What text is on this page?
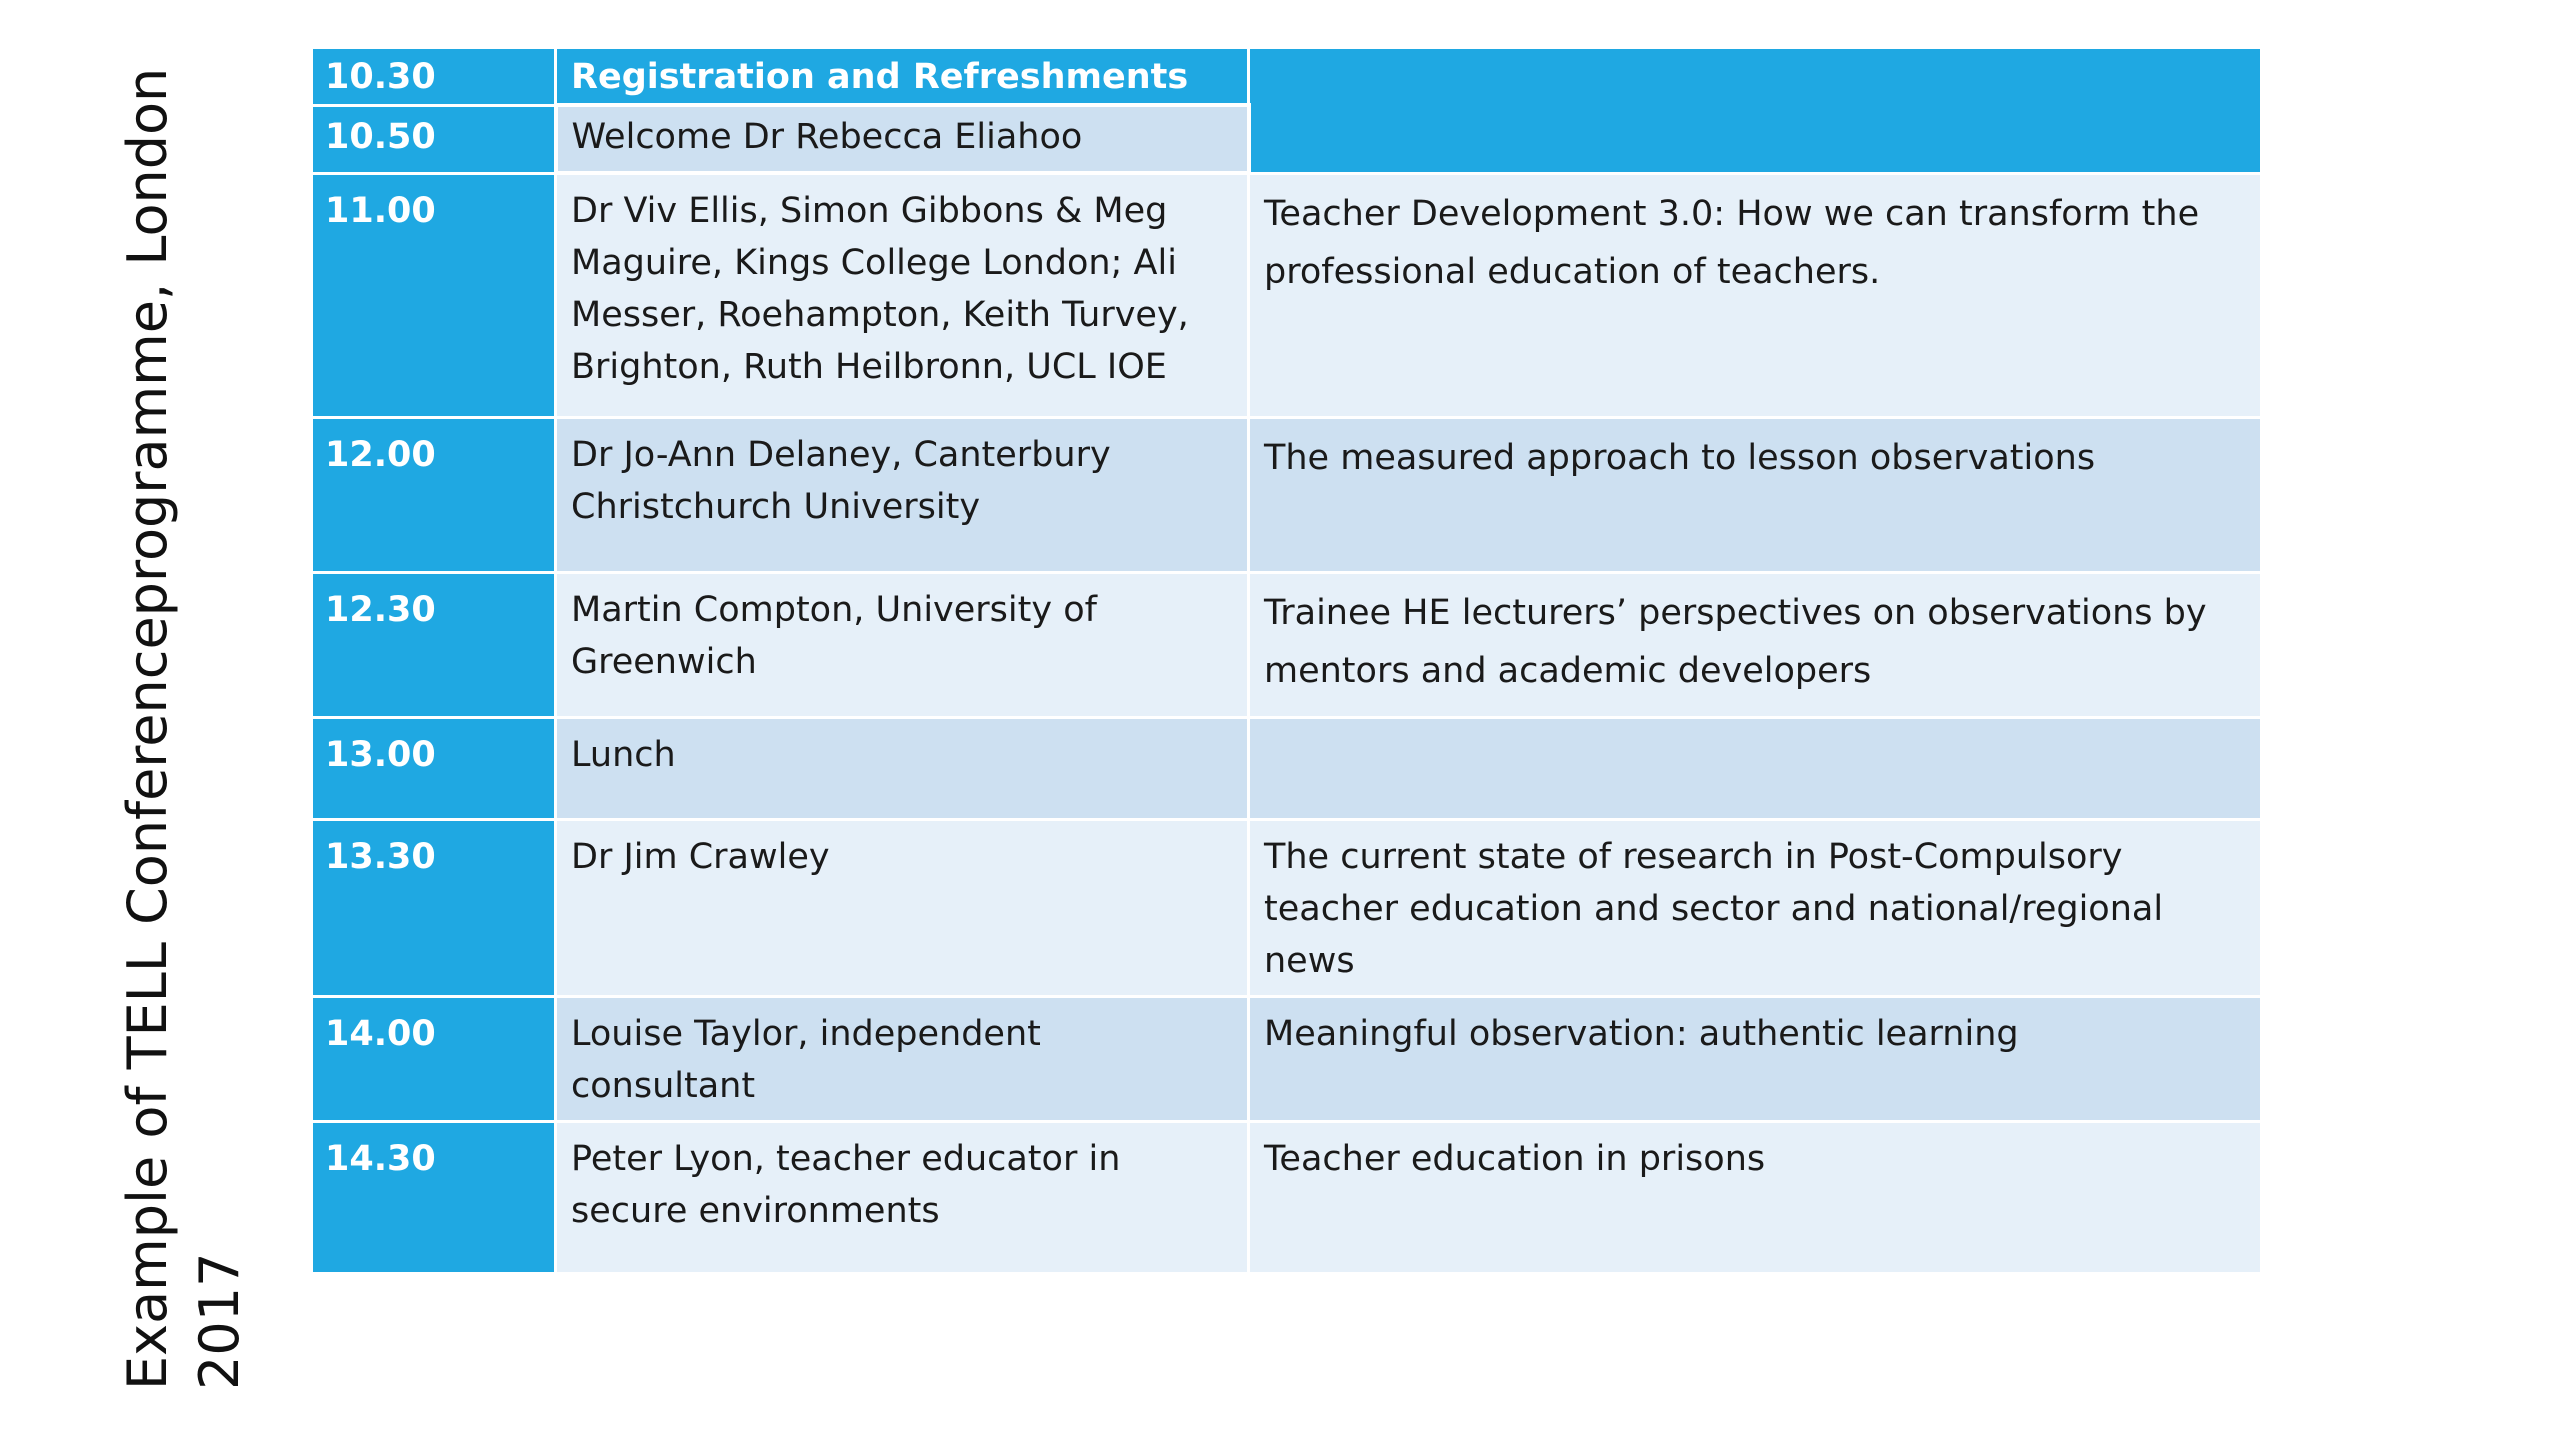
Example of TELL Conferenceprogramme, London 2017
10.30	Registration and Refreshments	
10.50	Welcome Dr Rebecca Eliahoo	
11.00	Dr Viv Ellis, Simon Gibbons & Meg Maguire, Kings College London; Ali Messer, Roehampton, Keith Turvey, Brighton, Ruth Heilbronn, UCL IOE	Teacher Development 3.0: How we can transform the professional education of teachers.
12.00	Dr Jo-Ann Delaney, Canterbury Christchurch University	The measured approach to lesson observations
12.30	Martin Compton, University of Greenwich	Trainee HE lecturers’ perspectives on observations by mentors and academic developers
13.00	Lunch	
13.30	Dr Jim Crawley	The current state of research in Post-Compulsory teacher education and sector and national/regional news
14.00	Louise Taylor, independent consultant	Meaningful observation: authentic learning
14.30	Peter Lyon, teacher educator in secure environments	Teacher education in prisons
